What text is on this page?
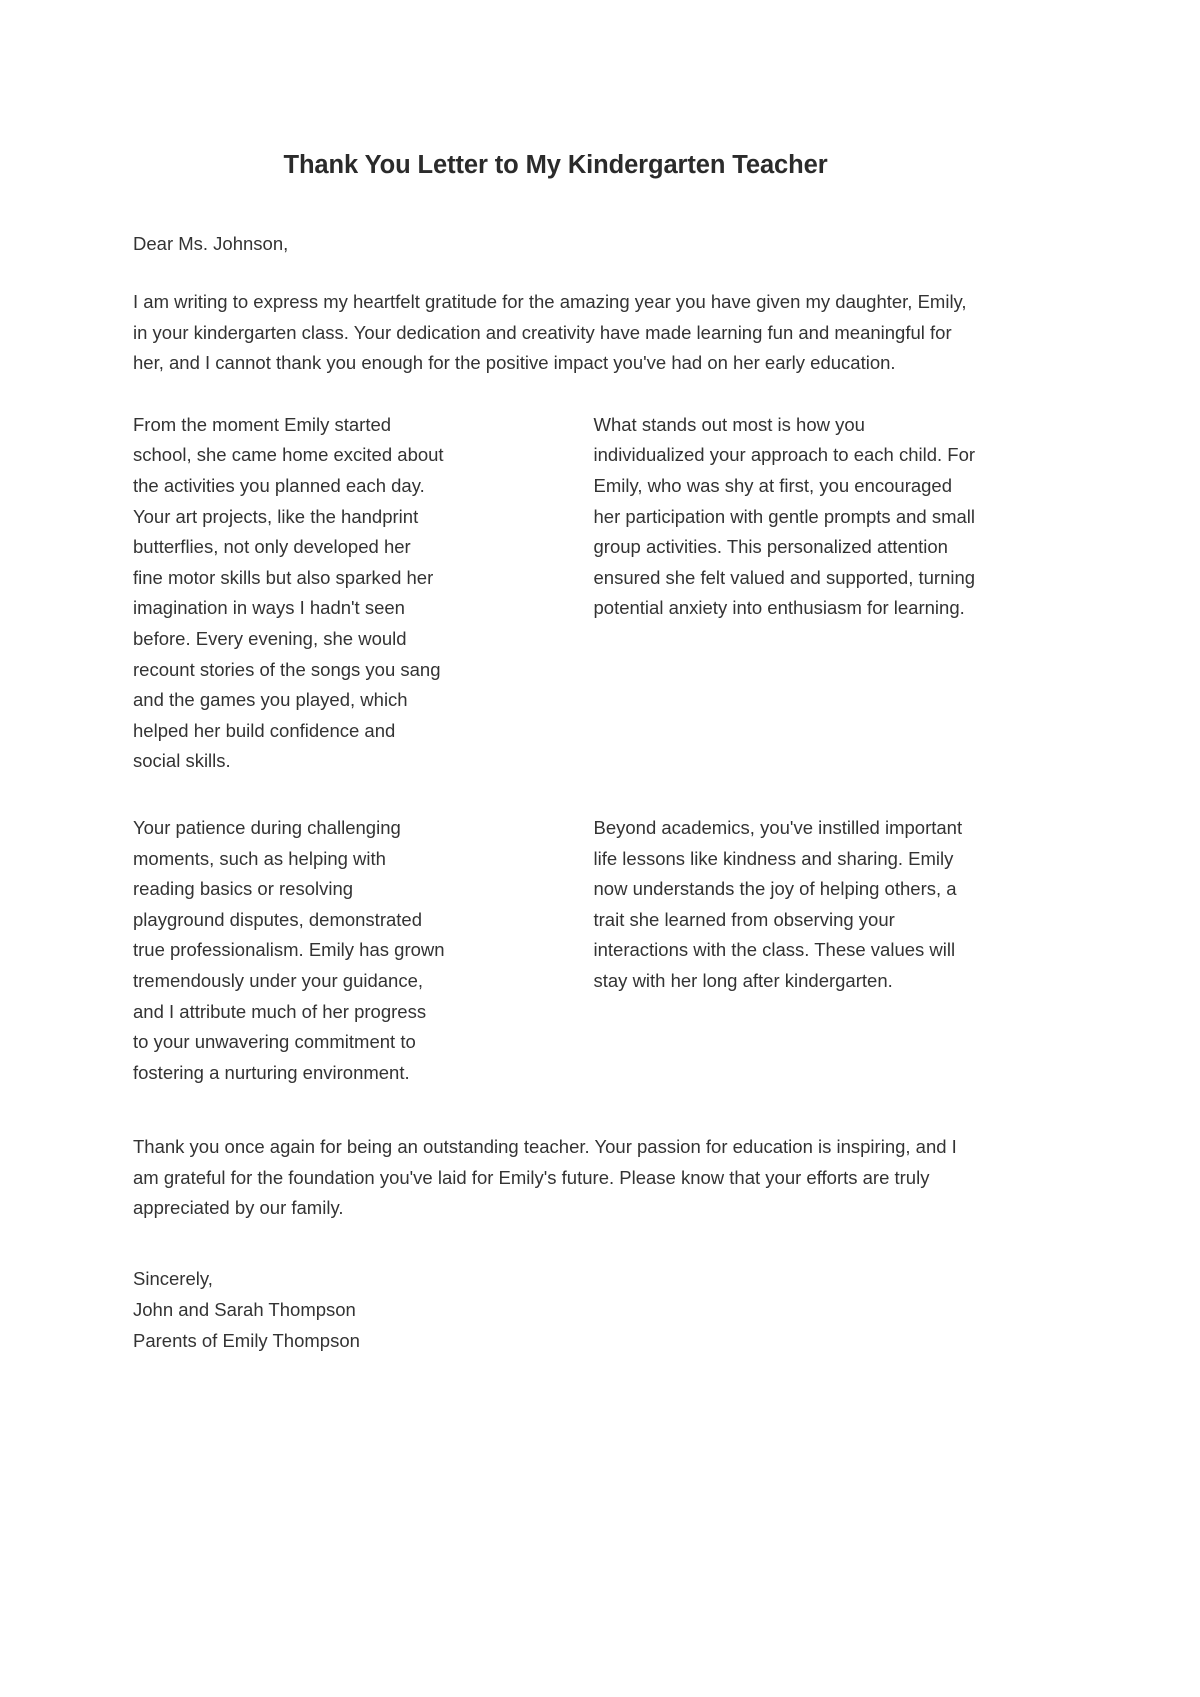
Thank You Letter to My Kindergarten Teacher

Dear Ms. Johnson,

I am writing to express my heartfelt gratitude for the amazing year you have given my daughter, Emily, in your kindergarten class. Your dedication and creativity have made learning fun and meaningful for her, and I cannot thank you enough for the positive impact you've had on her early education.

From the moment Emily started school, she came home excited about the activities you planned each day. Your art projects, like the handprint butterflies, not only developed her fine motor skills but also sparked her imagination in ways I hadn't seen before. Every evening, she would recount stories of the songs you sang and the games you played, which helped her build confidence and social skills.

What stands out most is how you individualized your approach to each child. For Emily, who was shy at first, you encouraged her participation with gentle prompts and small group activities. This personalized attention ensured she felt valued and supported, turning potential anxiety into enthusiasm for learning.

Your patience during challenging moments, such as helping with reading basics or resolving playground disputes, demonstrated true professionalism. Emily has grown tremendously under your guidance, and I attribute much of her progress to your unwavering commitment to fostering a nurturing environment.

Beyond academics, you've instilled important life lessons like kindness and sharing. Emily now understands the joy of helping others, a trait she learned from observing your interactions with the class. These values will stay with her long after kindergarten.

Thank you once again for being an outstanding teacher. Your passion for education is inspiring, and I am grateful for the foundation you've laid for Emily's future. Please know that your efforts are truly appreciated by our family.

Sincerely,

John and Sarah Thompson

Parents of Emily Thompson
